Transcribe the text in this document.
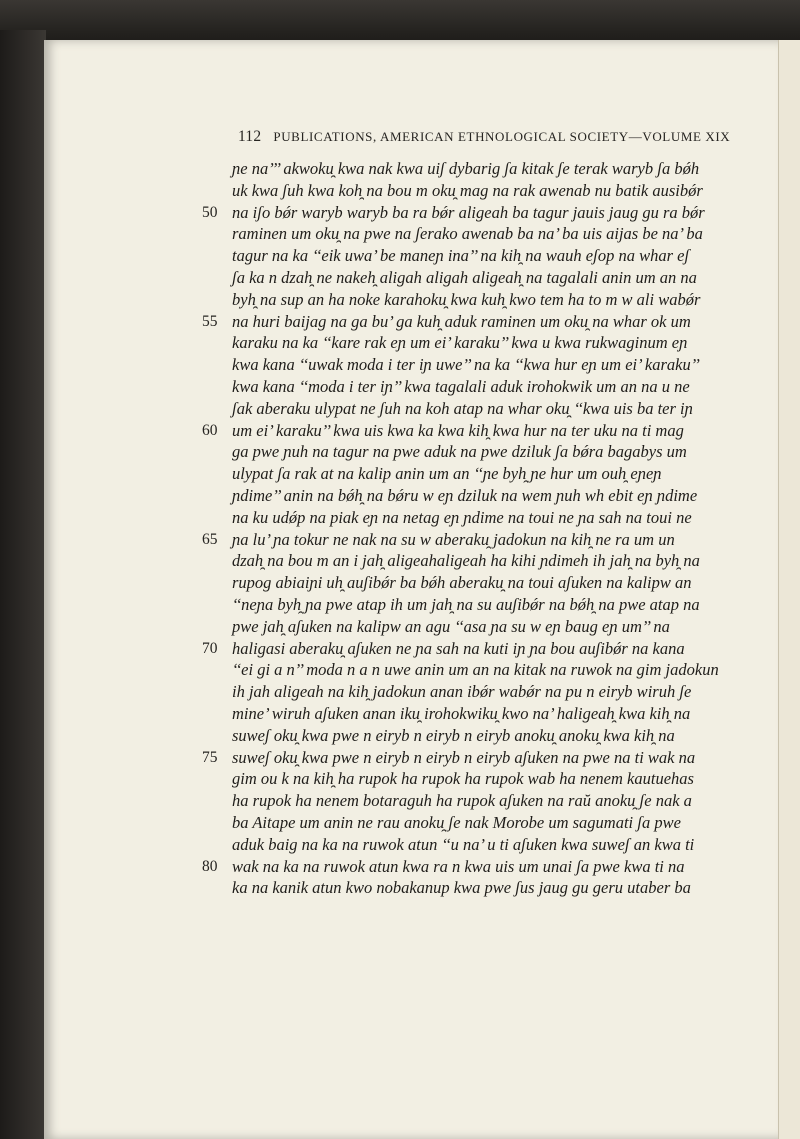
112 PUBLICATIONS, AMERICAN ETHNOLOGICAL SOCIETY—VOLUME XIX
ɲe na’’’ akwoku̯ kwa nak kwa uiʃ dybarig ʃa kitak ʃe terak waryb ʃa bǿh
uk kwa ʃuh kwa koh̯ na bou m oku̯ mag na rak awenab nu batik ausibǿr
50 na iʃo bǿr waryb waryb ba ra bǿr aligeah ba tagur jauis jaug gu ra bǿr
raminen um oku̯ na pwe na ʃerako awenab ba na’ ba uis aijas be na’ ba
tagur na ka ‘‘eik uwa’ be maneɲ ina’’ na kih̯ na wauh eʃop na whar eʃ
ʃa ka n dzah̯ ne nakeh̯ aligah aligah aligeah̯ na tagalali anin um an na
byh̯ na sup an ha noke karahoku̯ kwa kuh̯ kwo tem ha to m w ali wabǿr
55 na huri baijag na ga bu’ ga kuh̯ aduk raminen um oku̯ na whar ok um
karaku na ka ‘‘kare rak eɲ um ei’ karaku’’ kwa u kwa rukwaginum eɲ
kwa kana ‘‘uwak moda i ter iɲ uwe’’ na ka ‘‘kwa hur eɲ um ei’ karaku’’
kwa kana ‘‘moda i ter iɲ’’ kwa tagalali aduk irohokwik um an na u ne
ʃak aberaku ulypat ne ʃuh na koh atap na whar oku̯ ‘‘kwa uis ba ter iɲ
60 um ei’ karaku’’ kwa uis kwa ka kwa kih̯ kwa hur na ter uku na ti mag
ga pwe ɲuh na tagur na pwe aduk na pwe dziluk ʃa bǿra bagabys um
ulypat ʃa rak at na kalip anin um an ‘‘ɲe byh̯ ɲe hur um ouh̯ eɲeɲ
ɲdime’’ anin na bǿh̯ na bǿru w eɲ dziluk na wem ɲuh wh ebit eɲ ɲdime
na ku udǿp na piak eɲ na netag eɲ ɲdime na toui ne ɲa sah na toui ne
65 ɲa lu’ ɲa tokur ne nak na su w aberaku̯ jadokun na kih̯ ne ra um un
dzah̯ na bou m an i jah̯ aligeahaligeah ha kihi ɲdimeh ih jah̯ na byh̯ na
rupog abiaiɲi uh̯ auʃibǿr ba bǿh aberaku̯ na toui aʃuken na kalipw an
‘‘neɲa byh̯ ɲa pwe atap ih um jah̯ na su auʃibǿr na bǿh̯ na pwe atap na
pwe jah̯ aʃuken na kalipw an agu ‘‘asa ɲa su w eɲ baug eɲ um’’ na
70 haligasi aberaku̯ aʃuken ne ɲa sah na kuti iɲ ɲa bou auʃibǿr na kana
‘‘ei gi a n’’ moda n a n uwe anin um an na kitak na ruwok na gim jadokun
ih jah aligeah na kih̯ jadokun anan ibǿr wabǿr na pu n eiryb wiruh ʃe
mine’ wiruh aʃuken anan iku̯ irohokwiku̯ kwo na’ haligeah̯ kwa kih̯ na
suweʃ oku̯ kwa pwe n eiryb n eiryb n eiryb anoku̯ anoku̯ kwa kih̯ na
75 suweʃ oku̯ kwa pwe n eiryb n eiryb n eiryb aʃuken na pwe na ti wak na
gim ou k na kih̯ ha rupok ha rupok ha rupok wab ha nenem kautuehas
ha rupok ha nenem botaraguh ha rupok aʃuken na raŭ anoku̯ ʃe nak a
ba Aitape um anin ne rau anoku̯ ʃe nak Morobe um sagumati ʃa pwe
aduk baig na ka na ruwok atun ‘‘u na’ u ti aʃuken kwa suweʃ an kwa ti
80 wak na ka na ruwok atun kwa ra n kwa uis um unai ʃa pwe kwa ti na
ka na kanik atun kwo nobakanup kwa pwe ʃus jaug gu geru utaber ba
